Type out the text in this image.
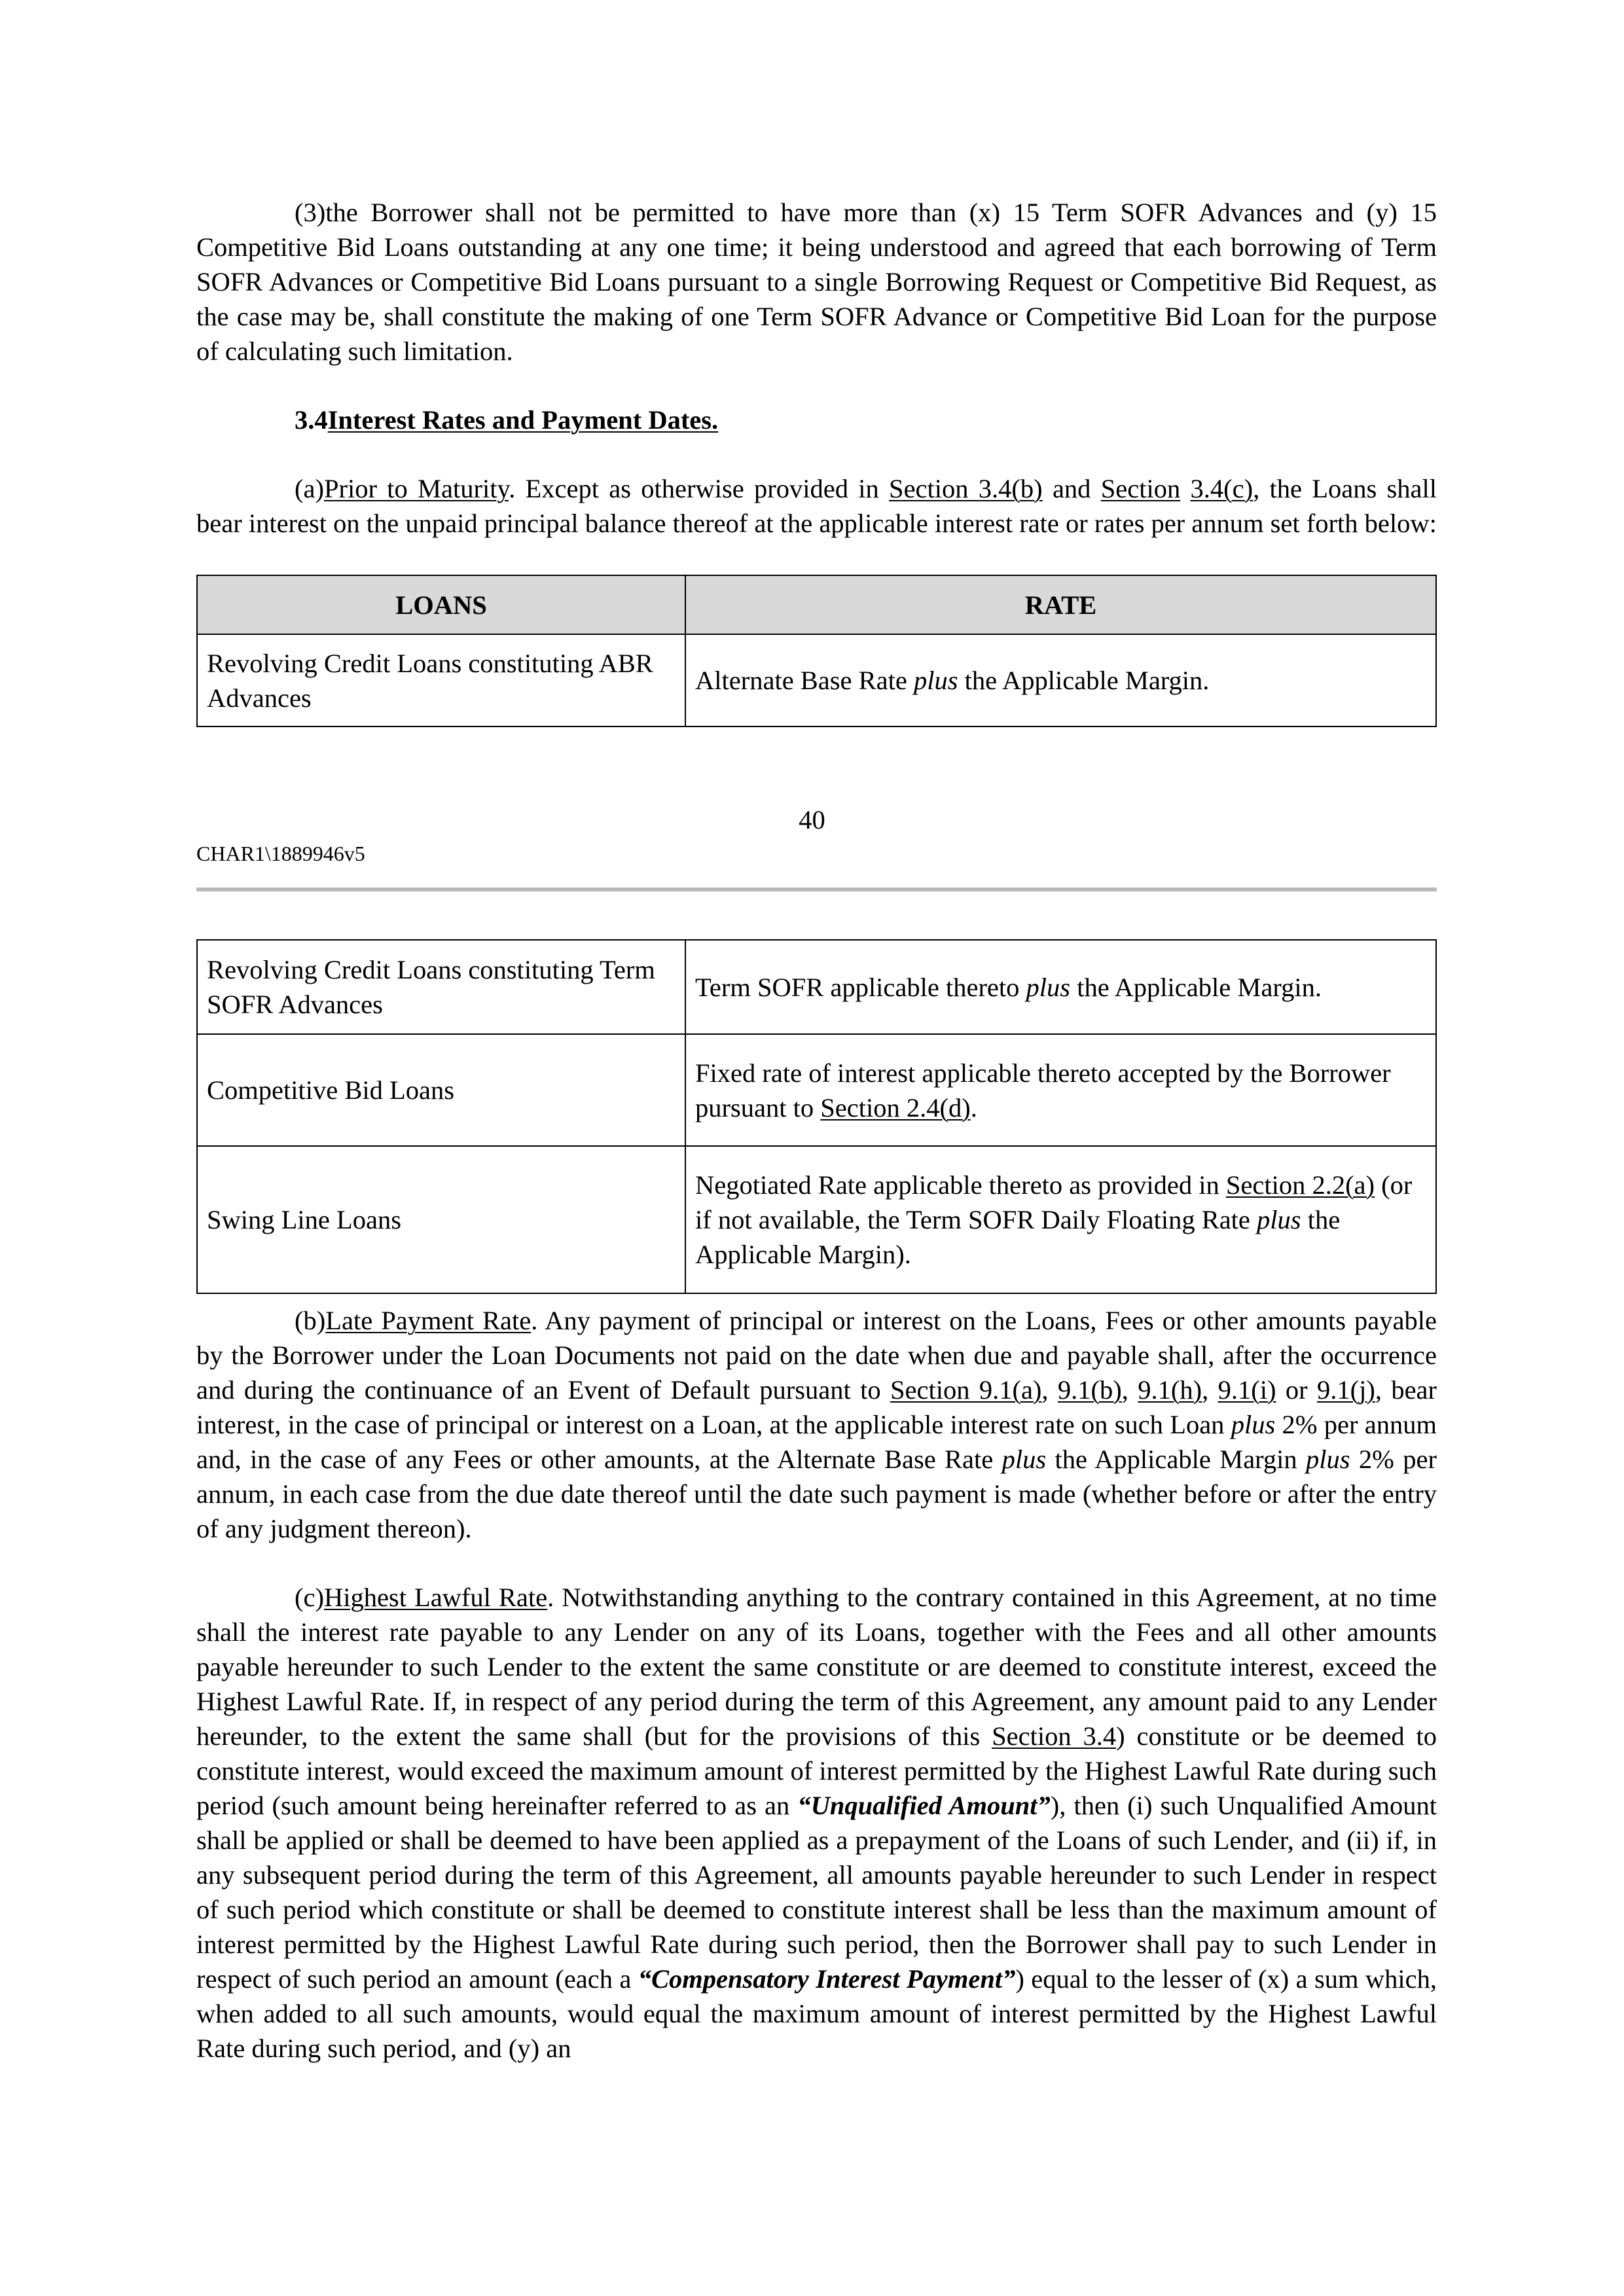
(3)the Borrower shall not be permitted to have more than (x) 15 Term SOFR Advances and (y) 15 Competitive Bid Loans outstanding at any one time; it being understood and agreed that each borrowing of Term SOFR Advances or Competitive Bid Loans pursuant to a single Borrowing Request or Competitive Bid Request, as the case may be, shall constitute the making of one Term SOFR Advance or Competitive Bid Loan for the purpose of calculating such limitation.

3.4Interest Rates and Payment Dates.

(a)Prior to Maturity. Except as otherwise provided in Section 3.4(b) and Section 3.4(c), the Loans shall bear interest on the unpaid principal balance thereof at the applicable interest rate or rates per annum set forth below:

LOANS	RATE
Revolving Credit Loans constituting ABR Advances	Alternate Base Rate plus the Applicable Margin.
40
CHAR1\1889946v5
Revolving Credit Loans constituting Term SOFR Advances	Term SOFR applicable thereto plus the Applicable Margin.
Competitive Bid Loans	Fixed rate of interest applicable thereto accepted by the Borrower pursuant to Section 2.4(d).
Swing Line Loans	Negotiated Rate applicable thereto as provided in Section 2.2(a) (or if not available, the Term SOFR Daily Floating Rate plus the Applicable Margin).

(b)Late Payment Rate. Any payment of principal or interest on the Loans, Fees or other amounts payable by the Borrower under the Loan Documents not paid on the date when due and payable shall, after the occurrence and during the continuance of an Event of Default pursuant to Section 9.1(a), 9.1(b), 9.1(h), 9.1(i) or 9.1(j), bear interest, in the case of principal or interest on a Loan, at the applicable interest rate on such Loan plus 2% per annum and, in the case of any Fees or other amounts, at the Alternate Base Rate plus the Applicable Margin plus 2% per annum, in each case from the due date thereof until the date such payment is made (whether before or after the entry of any judgment thereon).

(c)Highest Lawful Rate. Notwithstanding anything to the contrary contained in this Agreement, at no time shall the interest rate payable to any Lender on any of its Loans, together with the Fees and all other amounts payable hereunder to such Lender to the extent the same constitute or are deemed to constitute interest, exceed the Highest Lawful Rate. If, in respect of any period during the term of this Agreement, any amount paid to any Lender hereunder, to the extent the same shall (but for the provisions of this Section 3.4) constitute or be deemed to constitute interest, would exceed the maximum amount of interest permitted by the Highest Lawful Rate during such period (such amount being hereinafter referred to as an “Unqualified Amount”), then (i) such Unqualified Amount shall be applied or shall be deemed to have been applied as a prepayment of the Loans of such Lender, and (ii) if, in any subsequent period during the term of this Agreement, all amounts payable hereunder to such Lender in respect of such period which constitute or shall be deemed to constitute interest shall be less than the maximum amount of interest permitted by the Highest Lawful Rate during such period, then the Borrower shall pay to such Lender in respect of such period an amount (each a “Compensatory Interest Payment”) equal to the lesser of (x) a sum which, when added to all such amounts, would equal the maximum amount of interest permitted by the Highest Lawful Rate during such period, and (y) an
